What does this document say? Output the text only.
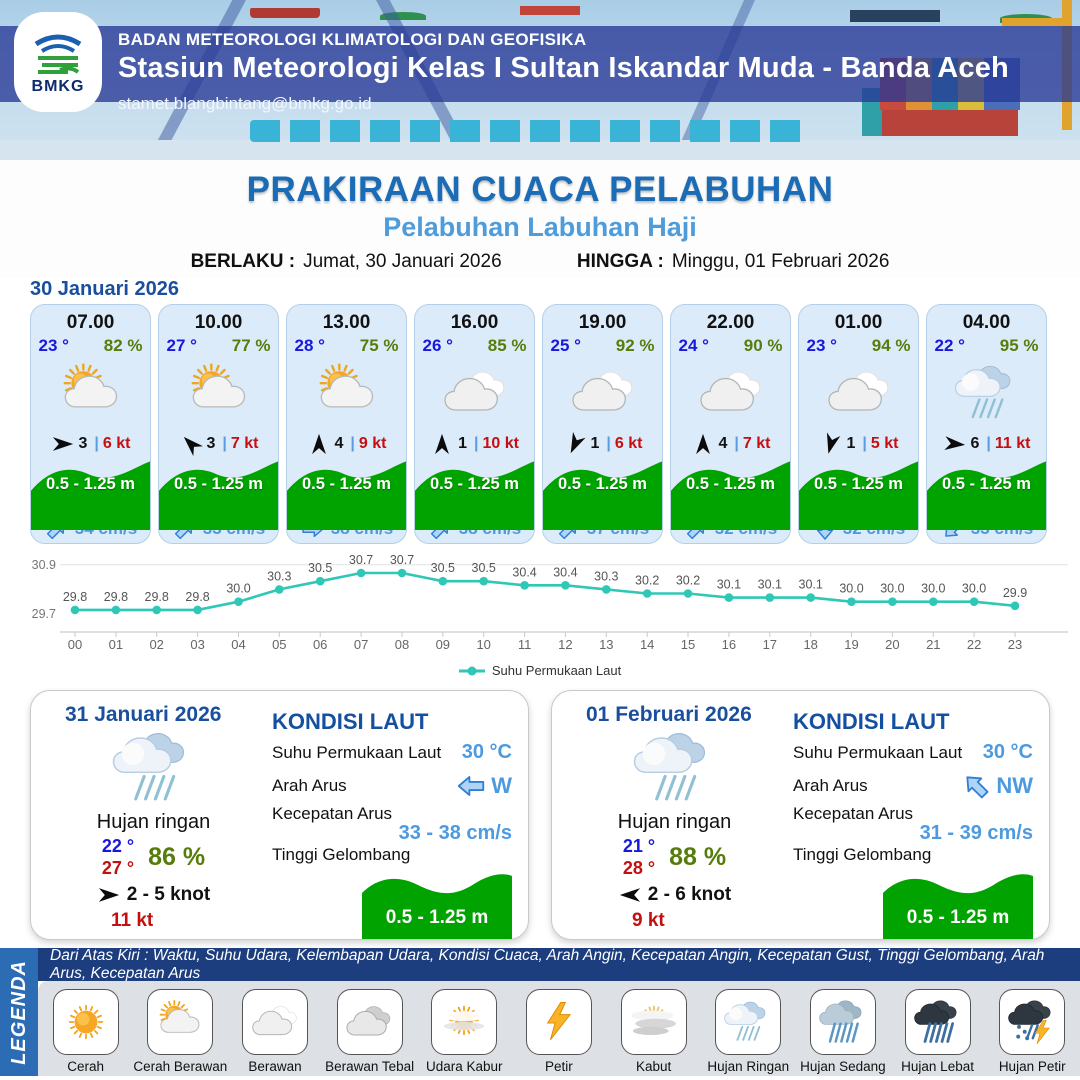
BMKG
BADAN METEOROLOGI KLIMATOLOGI DAN GEOFISIKA
Stasiun Meteorologi Kelas I Sultan Iskandar Muda - Banda Aceh
stamet.blangbintang@bmkg.go.id
PRAKIRAAN CUACA PELABUHAN
Pelabuhan Labuhan Haji
BERLAKU : Jumat, 30 Januari 2026	HINGGA : Minggu, 01 Februari 2026
30 Januari 2026
07.00
23 ° 82 %
3 | 6 kt
0.5 - 1.25 m
10.00
27 ° 77 %
3 | 7 kt
0.5 - 1.25 m
13.00
28 ° 75 %
4 | 9 kt
0.5 - 1.25 m
16.00
26 ° 85 %
1 | 10 kt
0.5 - 1.25 m
19.00
25 ° 92 %
1 | 6 kt
0.5 - 1.25 m
22.00
24 ° 90 %
4 | 7 kt
0.5 - 1.25 m
01.00
23 ° 94 %
1 | 5 kt
0.5 - 1.25 m
04.00
22 ° 95 %
6 | 11 kt
0.5 - 1.25 m
30.9
29.7
29.8
00
29.8
01
29.8
02
29.8
03
30.0
04
30.3
05
30.5
06
30.7
07
30.7
08
30.5
09
30.5
10
30.4
11
30.4
12
30.3
13
30.2
14
30.2
15
30.1
16
30.1
17
30.1
18
30.0
19
30.0
20
30.0
21
30.0
22
29.9
23
Suhu Permukaan Laut
31 Januari 2026
Hujan ringan
22 °
27 ° 86 %
2 - 5 knot
11 kt
KONDISI LAUT
Suhu Permukaan Laut 30 °C
Arah Arus	W
Kecepatan Arus
33 - 38 cm/s
Tinggi Gelombang
0.5 - 1.25 m
01 Februari 2026
Hujan ringan
21 °
28 ° 88 %
2 - 6 knot
9 kt
KONDISI LAUT
Suhu Permukaan Laut 30 °C
Arah Arus	NW
Kecepatan Arus
31 - 39 cm/s
Tinggi Gelombang
0.5 - 1.25 m
LEGENDA
Dari Atas Kiri : Waktu, Suhu Udara, Kelembapan Udara, Kondisi Cuaca, Arah Angin, Kecepatan Angin, Kecepatan Gust, Tinggi Gelombang, Arah Arus, Kecepatan Arus
Cerah Cerah Berawan Berawan Berawan Tebal Udara Kabur	Petir	Kabut	Hujan Ringan Hujan Sedang Hujan Lebat Hujan Petir
